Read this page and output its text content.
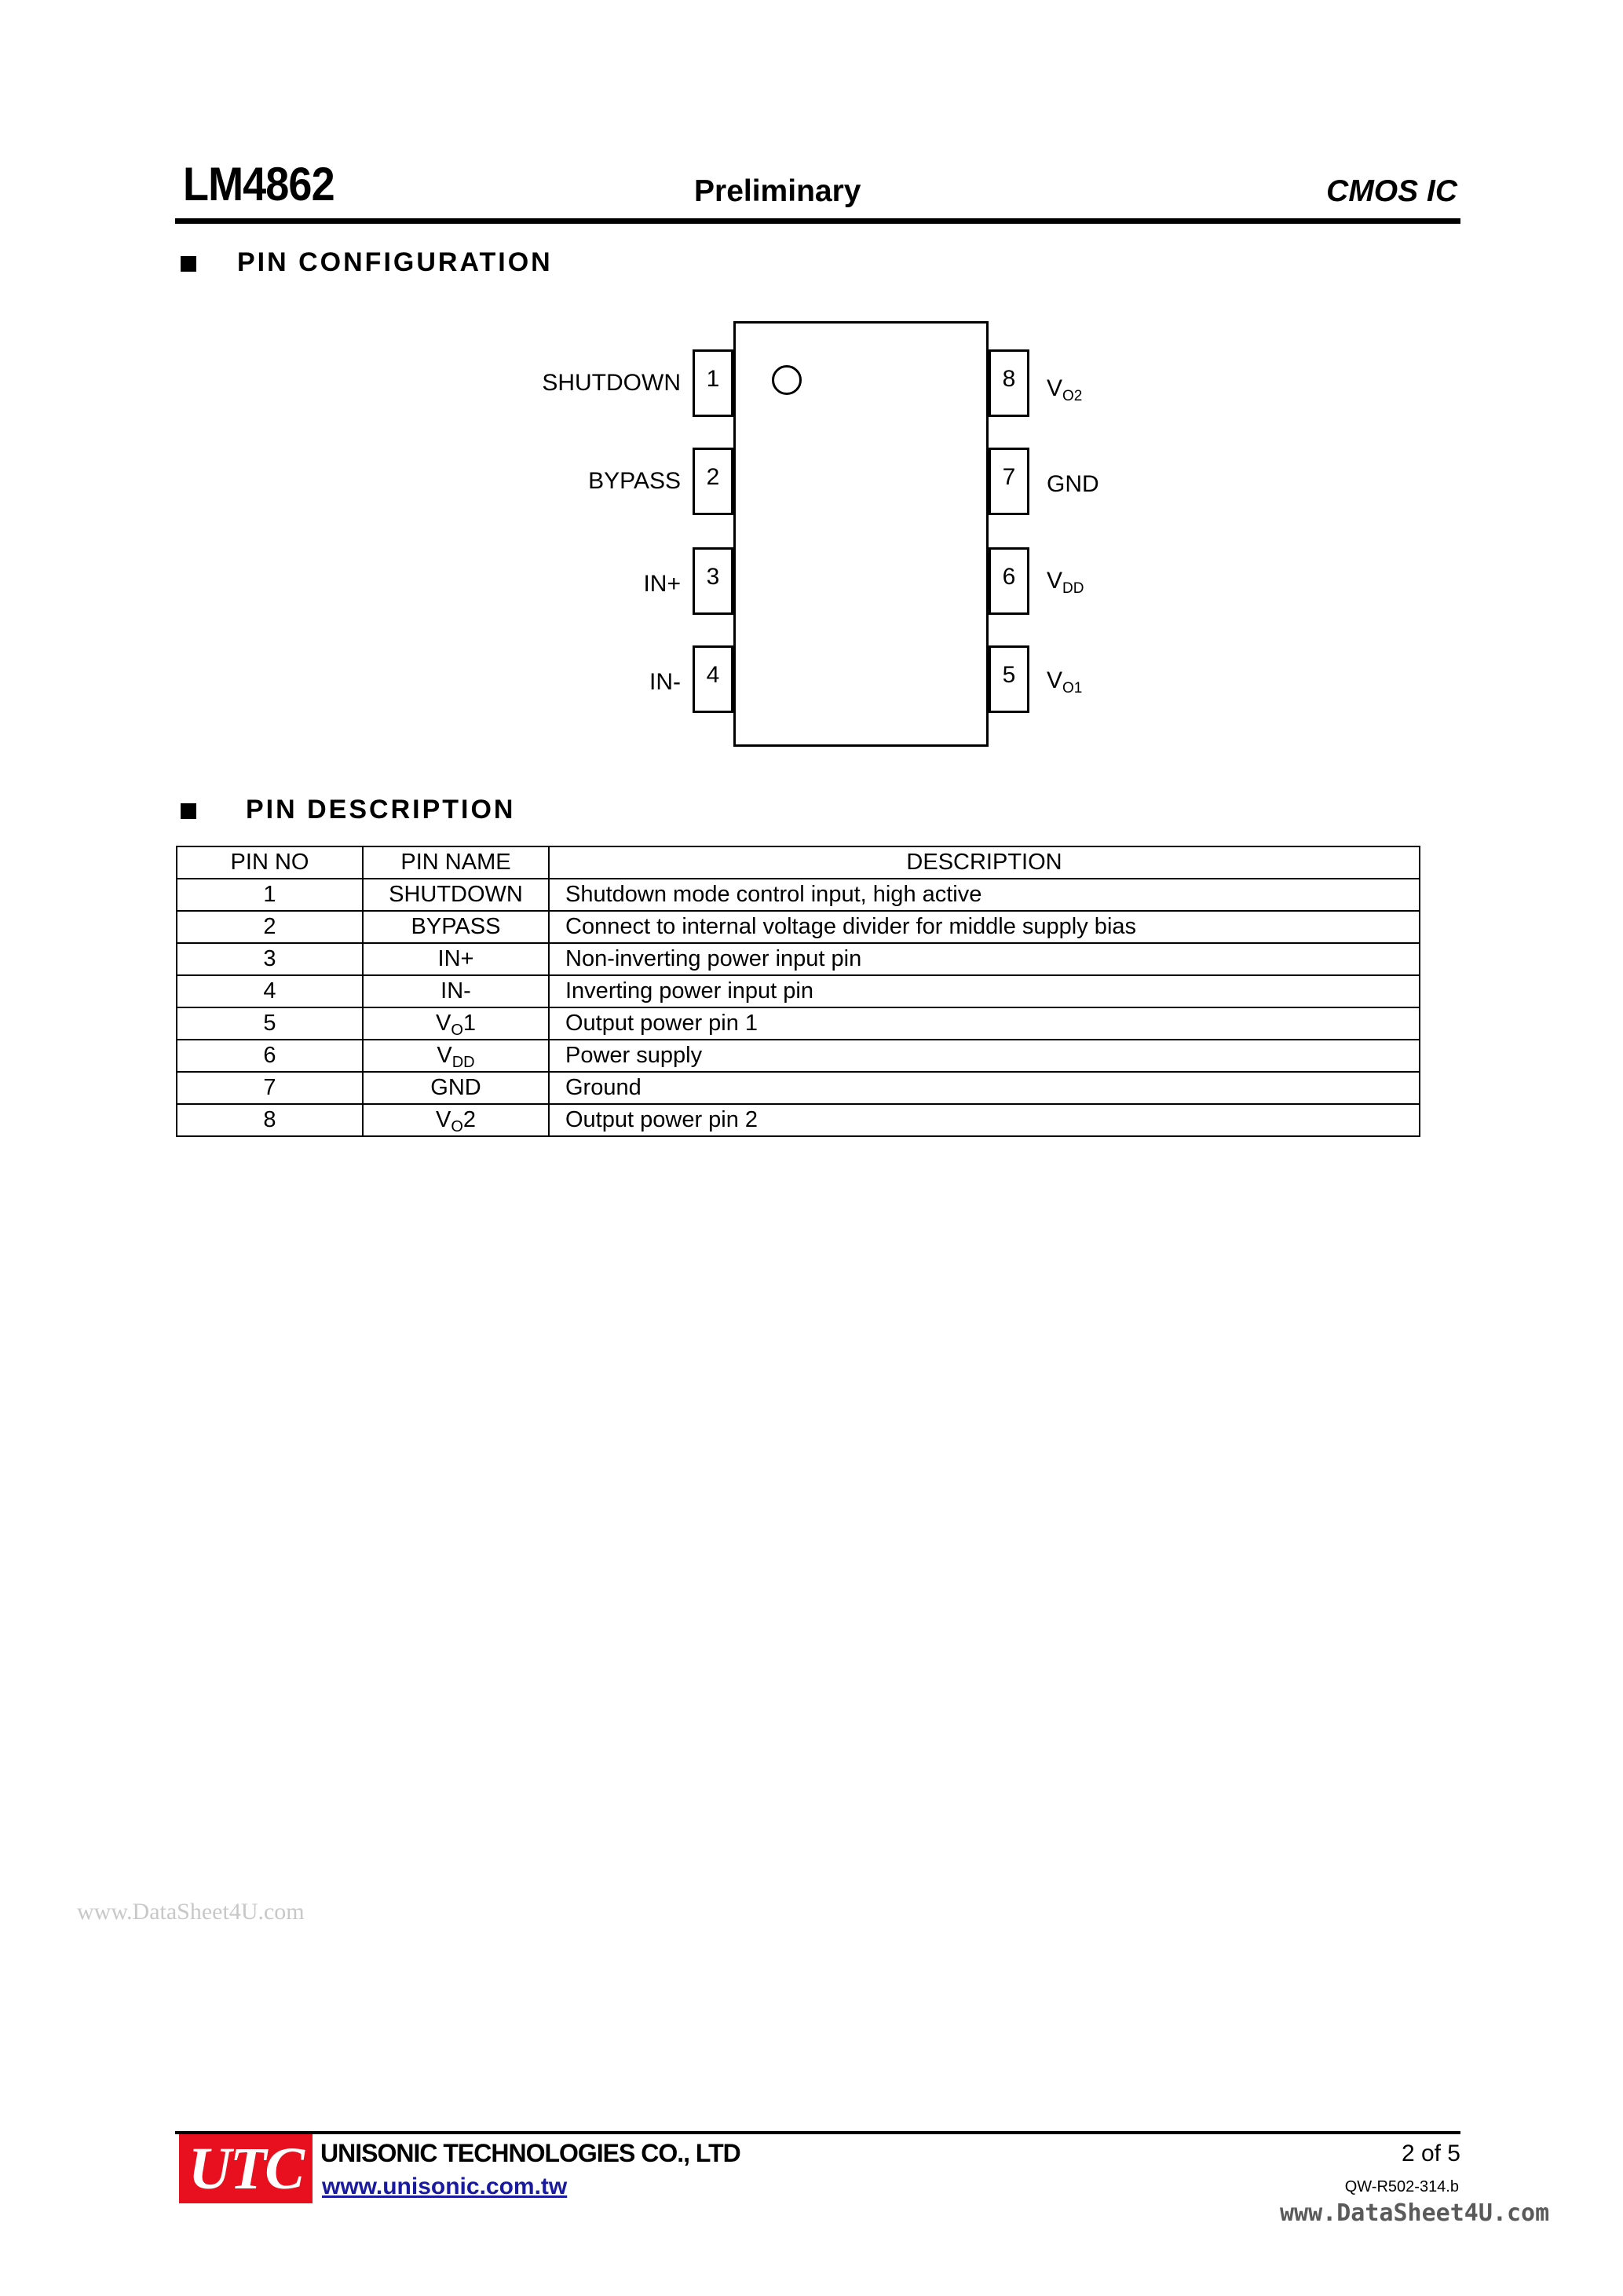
LM4862	Preliminary	CMOS IC
PIN CONFIGURATION
1
2
3
4
SHUTDOWN
BYPASS
IN+
IN-
8
7
6
5
$V_{O2}$
GND
$V_{DD}$
$V_{O1}$
PIN DESCRIPTION
PIN NO	PIN NAME	DESCRIPTION
1	SHUTDOWN	Shutdown mode control input, high active
2	BYPASS	Connect to internal voltage divider for middle supply bias
3	IN+	Non-inverting power input pin
4	IN-	Inverting power input pin
5	$V_O1$	Output power pin 1
6	$V_{DD}$	Power supply
7	GND	Ground
8	$V_O2$	Output power pin 2
www.DataSheet4U.com
www.DataSheet4U.com
UTC UNISONIC TECHNOLOGIES CO., LTD
www.unisonic.com.tw
2 of 5
QW-R502-314.b
